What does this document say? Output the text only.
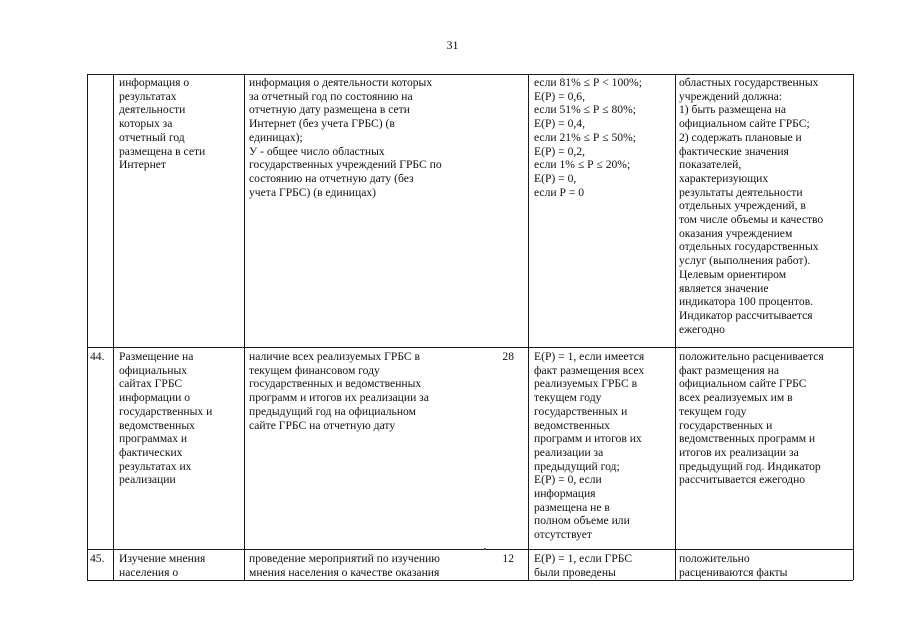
31
информация о
результатах
деятельности
которых за
отчетный год
размещена в сети
Интернет
информация о деятельности которых
за отчетный год по состоянию на
отчетную дату размещена в сети
Интернет (без учета ГРБС) (в
единицах);
У - общее число областных
государственных учреждений ГРБС по
состоянию на отчетную дату (без
учета ГРБС) (в единицах)
если 81% ≤ Р < 100%;
Е(Р) = 0,6,
если 51% ≤ Р ≤ 80%;
Е(Р) = 0,4,
если 21% ≤ Р ≤ 50%;
Е(Р) = 0,2,
если 1% ≤ Р ≤ 20%;
Е(Р) = 0,
если Р = 0
областных государственных
учреждений должна:
1) быть размещена на
официальном сайте ГРБС;
2) содержать плановые и
фактические значения
показателей,
характеризующих
результаты деятельности
отдельных учреждений, в
том числе объемы и качество
оказания учреждением
отдельных государственных
услуг (выполнения работ).
Целевым ориентиром
является значение
индикатора 100 процентов.
Индикатор рассчитывается
ежегодно
44.	Размещение на
официальных
сайтах ГРБС
информации о
государственных и
ведомственных
программах и
фактических
результатах их
реализации
наличие всех реализуемых ГРБС в
текущем финансовом году
государственных и ведомственных
программ и итогов их реализации за
предыдущий год на официальном
сайте ГРБС на отчетную дату
28 Е(Р) = 1, если имеется
факт размещения всех
реализуемых ГРБС в
текущем году
государственных и
ведомственных
программ и итогов их
реализации за
предыдущий год;
Е(Р) = 0, если
информация
размещена не в
полном объеме или
отсутствует
положительно расценивается
факт размещения на
официальном сайте ГРБС
всех реализуемых им в
текущем году
государственных и
ведомственных программ и
итогов их реализации за
предыдущий год. Индикатор
рассчитывается ежегодно
45.	Изучение мнения
населения о
проведение мероприятий по изучению
мнения населения о качестве оказания
12 Е(Р) = 1, если ГРБС
были проведены
положительно
расцениваются факты
